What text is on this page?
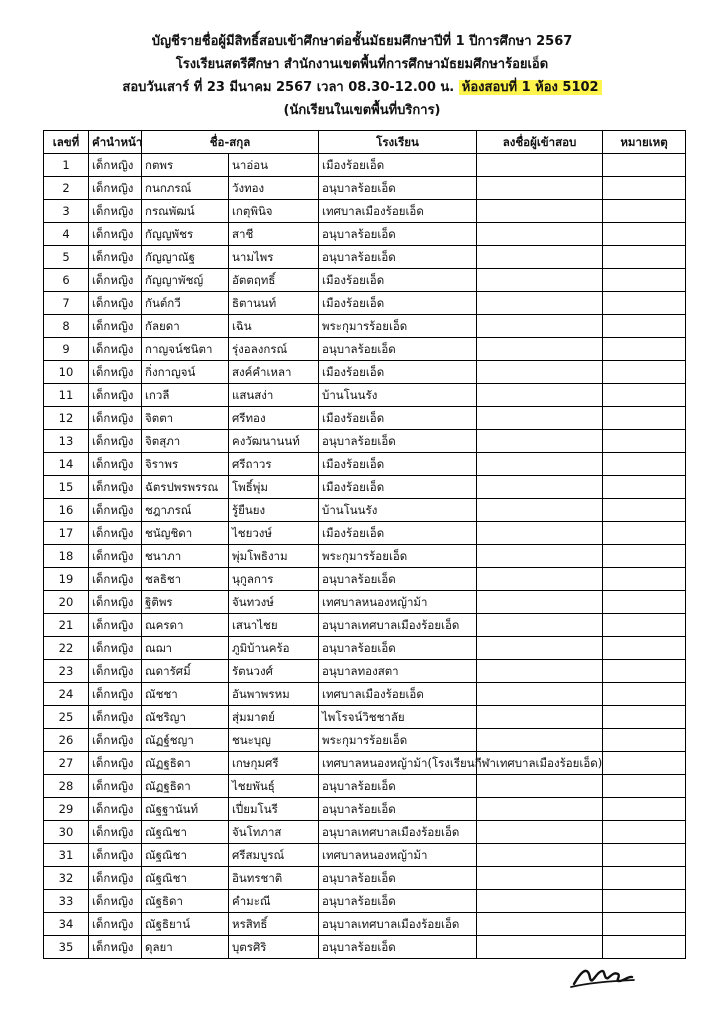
บัญชีรายชื่อผู้มีสิทธิ์สอบเข้าศึกษาต่อชั้นมัธยมศึกษาปีที่ 1 ปีการศึกษา 2567
โรงเรียนสตรีศึกษา สำนักงานเขตพื้นที่การศึกษามัธยมศึกษาร้อยเอ็ด
สอบวันเสาร์ ที่ 23 มีนาคม 2567 เวลา 08.30-12.00 น. ห้องสอบที่ 1 ห้อง 5102
(นักเรียนในเขตพื้นที่บริการ)
เลขที่	คำนำหน้า	ชื่อ-สกุล		โรงเรียน	ลงชื่อผู้เข้าสอบ	หมายเหตุ
1	เด็กหญิง	กตพร	นาอ่อน	เมืองร้อยเอ็ด		
2	เด็กหญิง	กนกภรณ์	วังทอง	อนุบาลร้อยเอ็ด		
3	เด็กหญิง	กรณพัฒน์	เกตุพินิจ	เทศบาลเมืองร้อยเอ็ด		
4	เด็กหญิง	กัญญพัชร	สาชี	อนุบาลร้อยเอ็ด		
5	เด็กหญิง	กัญญาณัฐ	นามไพร	อนุบาลร้อยเอ็ด		
6	เด็กหญิง	กัญญาพัชญ์	อัตตฤทธิ์	เมืองร้อยเอ็ด		
7	เด็กหญิง	กันต์กวี	ธิตานนท์	เมืองร้อยเอ็ด		
8	เด็กหญิง	กัลยดา	เฉิน	พระกุมารร้อยเอ็ด		
9	เด็กหญิง	กาญจน์ชนิตา	รุ่งอลงกรณ์	อนุบาลร้อยเอ็ด		
10	เด็กหญิง	กิ่งกาญจน์	สงค์คำเหลา	เมืองร้อยเอ็ด		
11	เด็กหญิง	เกวลี	แสนสง่า	บ้านโนนรัง		
12	เด็กหญิง	จิตตา	ศรีทอง	เมืองร้อยเอ็ด		
13	เด็กหญิง	จิตสุภา	คงวัฒนานนท์	อนุบาลร้อยเอ็ด		
14	เด็กหญิง	จิราพร	ศรีถาวร	เมืองร้อยเอ็ด		
15	เด็กหญิง	ฉัตรปพรพรรณ	โพธิ์พุ่ม	เมืองร้อยเอ็ด		
16	เด็กหญิง	ชฎาภรณ์	รู้ยืนยง	บ้านโนนรัง		
17	เด็กหญิง	ชนัญชิดา	ไชยวงษ์	เมืองร้อยเอ็ด		
18	เด็กหญิง	ชนาภา	พุ่มโพธิงาม	พระกุมารร้อยเอ็ด		
19	เด็กหญิง	ชลธิชา	นุกูลการ	อนุบาลร้อยเอ็ด		
20	เด็กหญิง	ฐิติพร	จันทวงษ์	เทศบาลหนองหญ้าม้า		
21	เด็กหญิง	ณครดา	เสนาไชย	อนุบาลเทศบาลเมืองร้อยเอ็ด		
22	เด็กหญิง	ณฌา	ภูมิบ้านคร้อ	อนุบาลร้อยเอ็ด		
23	เด็กหญิง	ณดารัศมิ์	รัตนวงศ์	อนุบาลทองสตา		
24	เด็กหญิง	ณัชชา	อันพาพรหม	เทศบาลเมืองร้อยเอ็ด		
25	เด็กหญิง	ณัชริญา	สุ่มมาตย์	ไพโรจน์วิชชาลัย		
26	เด็กหญิง	ณัฏฐ์ชญา	ชนะบุญ	พระกุมารร้อยเอ็ด		
27	เด็กหญิง	ณัฏฐธิดา	เกษกุมศรี	เทศบาลหนองหญ้าม้า(โรงเรียนกีฬาเทศบาลเมืองร้อยเอ็ด)		
28	เด็กหญิง	ณัฏฐธิดา	ไชยพันธุ์	อนุบาลร้อยเอ็ด		
29	เด็กหญิง	ณัฐฐานันท์	เปี่ยมโนรี	อนุบาลร้อยเอ็ด		
30	เด็กหญิง	ณัฐณิชา	จันโทภาส	อนุบาลเทศบาลเมืองร้อยเอ็ด		
31	เด็กหญิง	ณัฐณิชา	ศรีสมบูรณ์	เทศบาลหนองหญ้าม้า		
32	เด็กหญิง	ณัฐณิชา	อินทรชาติ	อนุบาลร้อยเอ็ด		
33	เด็กหญิง	ณัฐธิดา	คำมะณี	อนุบาลร้อยเอ็ด		
34	เด็กหญิง	ณัฐธิยาน์	หรสิทธิ์	อนุบาลเทศบาลเมืองร้อยเอ็ด		
35	เด็กหญิง	ดุลยา	บุตรศิริ	อนุบาลร้อยเอ็ด		
